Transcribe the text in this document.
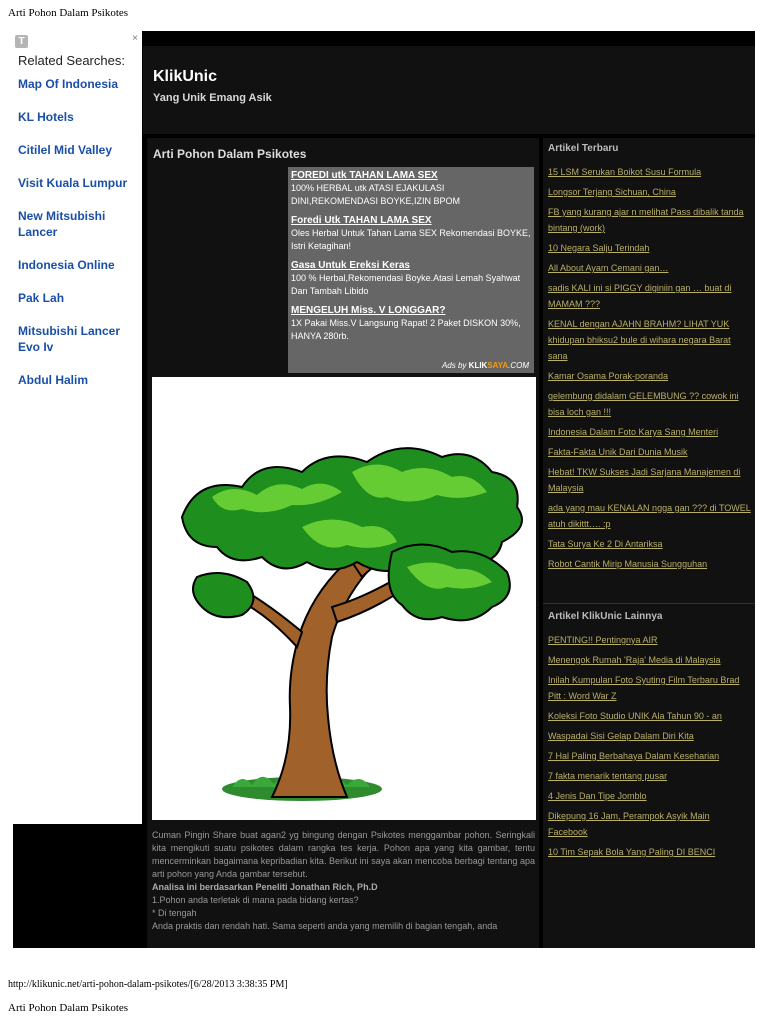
Arti Pohon Dalam Psikotes
T	×
Related Searches:
Map Of Indonesia
KL Hotels
Citilel Mid Valley
Visit Kuala Lumpur
New Mitsubishi Lancer
Indonesia Online
Pak Lah
Mitsubishi Lancer Evo Iv
Abdul Halim
KlikUnic
Yang Unik Emang Asik
Arti Pohon Dalam Psikotes
FOREDI utk TAHAN LAMA SEX
100% HERBAL utk ATASI EJAKULASI DINI,REKOMENDASI BOYKE,IZIN BPOM
Foredi Utk TAHAN LAMA SEX
Oles Herbal Untuk Tahan Lama SEX Rekomendasi BOYKE, Istri Ketagihan!
Gasa Untuk Ereksi Keras
100 % Herbal,Rekomendasi Boyke.Atasi Lemah Syahwat Dan Tambah Libido
MENGELUH Miss. V LONGGAR?
1X Pakai Miss.V Langsung Rapat! 2 Paket DISKON 30%, HANYA 280rb.
Ads by KLIKSAYA.COM
Cuman Pingin Share buat agan2 yg bingung dengan Psikotes menggambar pohon. Seringkali kita mengikuti suatu psikotes dalam rangka tes kerja. Pohon apa yang kita gambar, tentu mencerminkan bagaimana kepribadian kita. Berikut ini saya akan mencoba berbagi tentang apa arti pohon yang Anda gambar tersebut.
Analisa ini berdasarkan Peneliti Jonathan Rich, Ph.D
1.Pohon anda terletak di mana pada bidang kertas?
* Di tengah
Anda praktis dan rendah hati. Sama seperti anda yang memilih di bagian tengah, anda
Artikel Terbaru
15 LSM Serukan Boikot Susu Formula
Longsor Terjang Sichuan, China
FB yang kurang ajar n melihat Pass dibalik tanda bintang (work)
10 Negara Salju Terindah
All About Ayam Cemani gan…
sadis KALI ini si PIGGY diginiin gan … buat di MAMAM ???
KENAL dengan AJAHN BRAHM? LIHAT YUK khidupan bhiksu2 bule di wihara negara Barat sana
Kamar Osama Porak-poranda
gelembung didalam GELEMBUNG ?? cowok ini bisa loch gan !!!
Indonesia Dalam Foto Karya Sang Menteri
Fakta-Fakta Unik Dari Dunia Musik
Hebat! TKW Sukses Jadi Sarjana Manajemen di Malaysia
ada yang mau KENALAN ngga gan ??? di TOWEL atuh dikittt…. :p
Tata Surya Ke 2 Di Antariksa
Robot Cantik Mirip Manusia Sungguhan
Artikel KlikUnic Lainnya
PENTING!! Pentingnya AIR
Menengok Rumah 'Raja' Media di Malaysia
Inilah Kumpulan Foto Syuting Film Terbaru Brad Pitt : Word War Z
Koleksi Foto Studio UNIK Ala Tahun 90 - an
Waspadai Sisi Gelap Dalam Diri Kita
7 Hal Paling Berbahaya Dalam Keseharian
7 fakta menarik tentang pusar
4 Jenis Dan Tipe Jomblo
Dikepung 16 Jam, Perampok Asyik Main Facebook
10 Tim Sepak Bola Yang Paling DI BENCI
http://klikunic.net/arti-pohon-dalam-psikotes/[6/28/2013 3:38:35 PM]
Arti Pohon Dalam Psikotes
